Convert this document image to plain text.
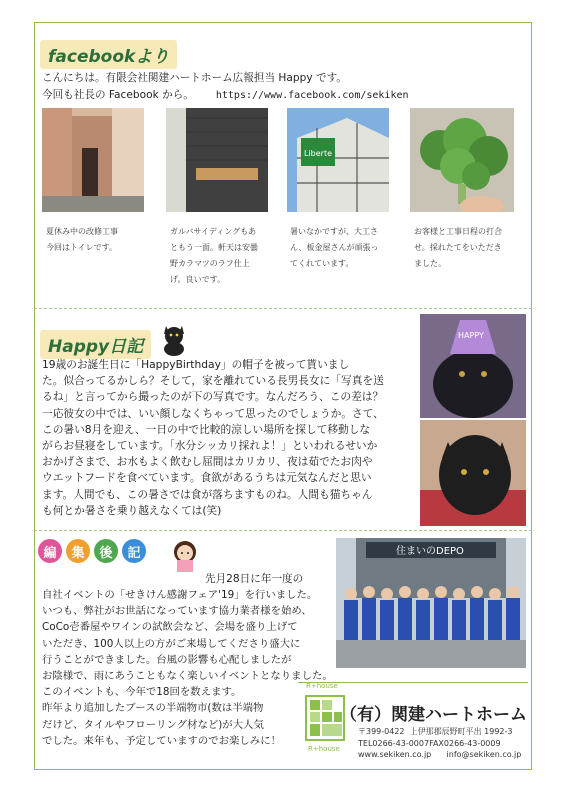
facebookより
こんにちは。有限会社関建ハートホーム広報担当 Happy です。
今回も社長の Facebook から。 https://www.facebook.com/sekiken
Liberte
夏休み中の改修工事
今回はトイレです。
ガルバサイディングもあ
ともう一面。軒天は安曇
野カラマツのラフ仕上
げ。良いです。
暑いなかですが、大工さ
ん、板金屋さんが頑張っ
てくれています。
お客様と工事日程の打合
せ。採れたてをいただき
ました。
Happy日記
19歳のお誕生日に「HappyBirthday」の帽子を被って貰いまし
た。似合ってるかしら？そして，家を離れている長男長女に「写真を送
るね」と言ってから撮ったのが下の写真です。なんだろう、この差は？
一応彼女の中では、いい顔しなくちゃって思ったのでしょうか。さて、
この暑い8月を迎え、一日の中で比較的涼しい場所を探して移動しな
がらお昼寝をしています。「水分シッカリ採れよ！」といわれるせいか
おかげさまで、お水もよく飲むし屈間はカリカリ、夜は茹でたお肉や
ウエットフードを食べています。食欲があるうちは元気なんだと思い
ます。人間でも、この暑さでは食が落ちますものね。人間も猫ちゃん
も何とか暑さを乗り越えなくては(笑)
HAPPY
編	集	後	記
先月28日に年一度の
自社イベントの「せきけん感謝フェア'19」を行いました。
いつも、弊社がお世話になっています協力業者様を始め、
CoCo壱番屋やワインの試飲会など、会場を盛り上げて
いただき、100人以上の方がご来場してくださり盛大に
行うことができました。台風の影響も心配しましたが
お陰様で、雨にあうこともなく楽しいイベントとなりました。
このイベントも、今年で18回を数えます。
昨年より追加したブースの半端物市(数は半端物
だけど、タイルやフローリング材など)が大人気
でした。来年も、予定していますのでお楽しみに！
住まいのDEPO
R+house
R+house
（有）関建ハートホーム
〒399-0422  上伊那郡辰野町平出 1992-3
TEL0266-43-0007FAX0266-43-0009
www.sekiken.co.jp      info@sekiken.co.jp
